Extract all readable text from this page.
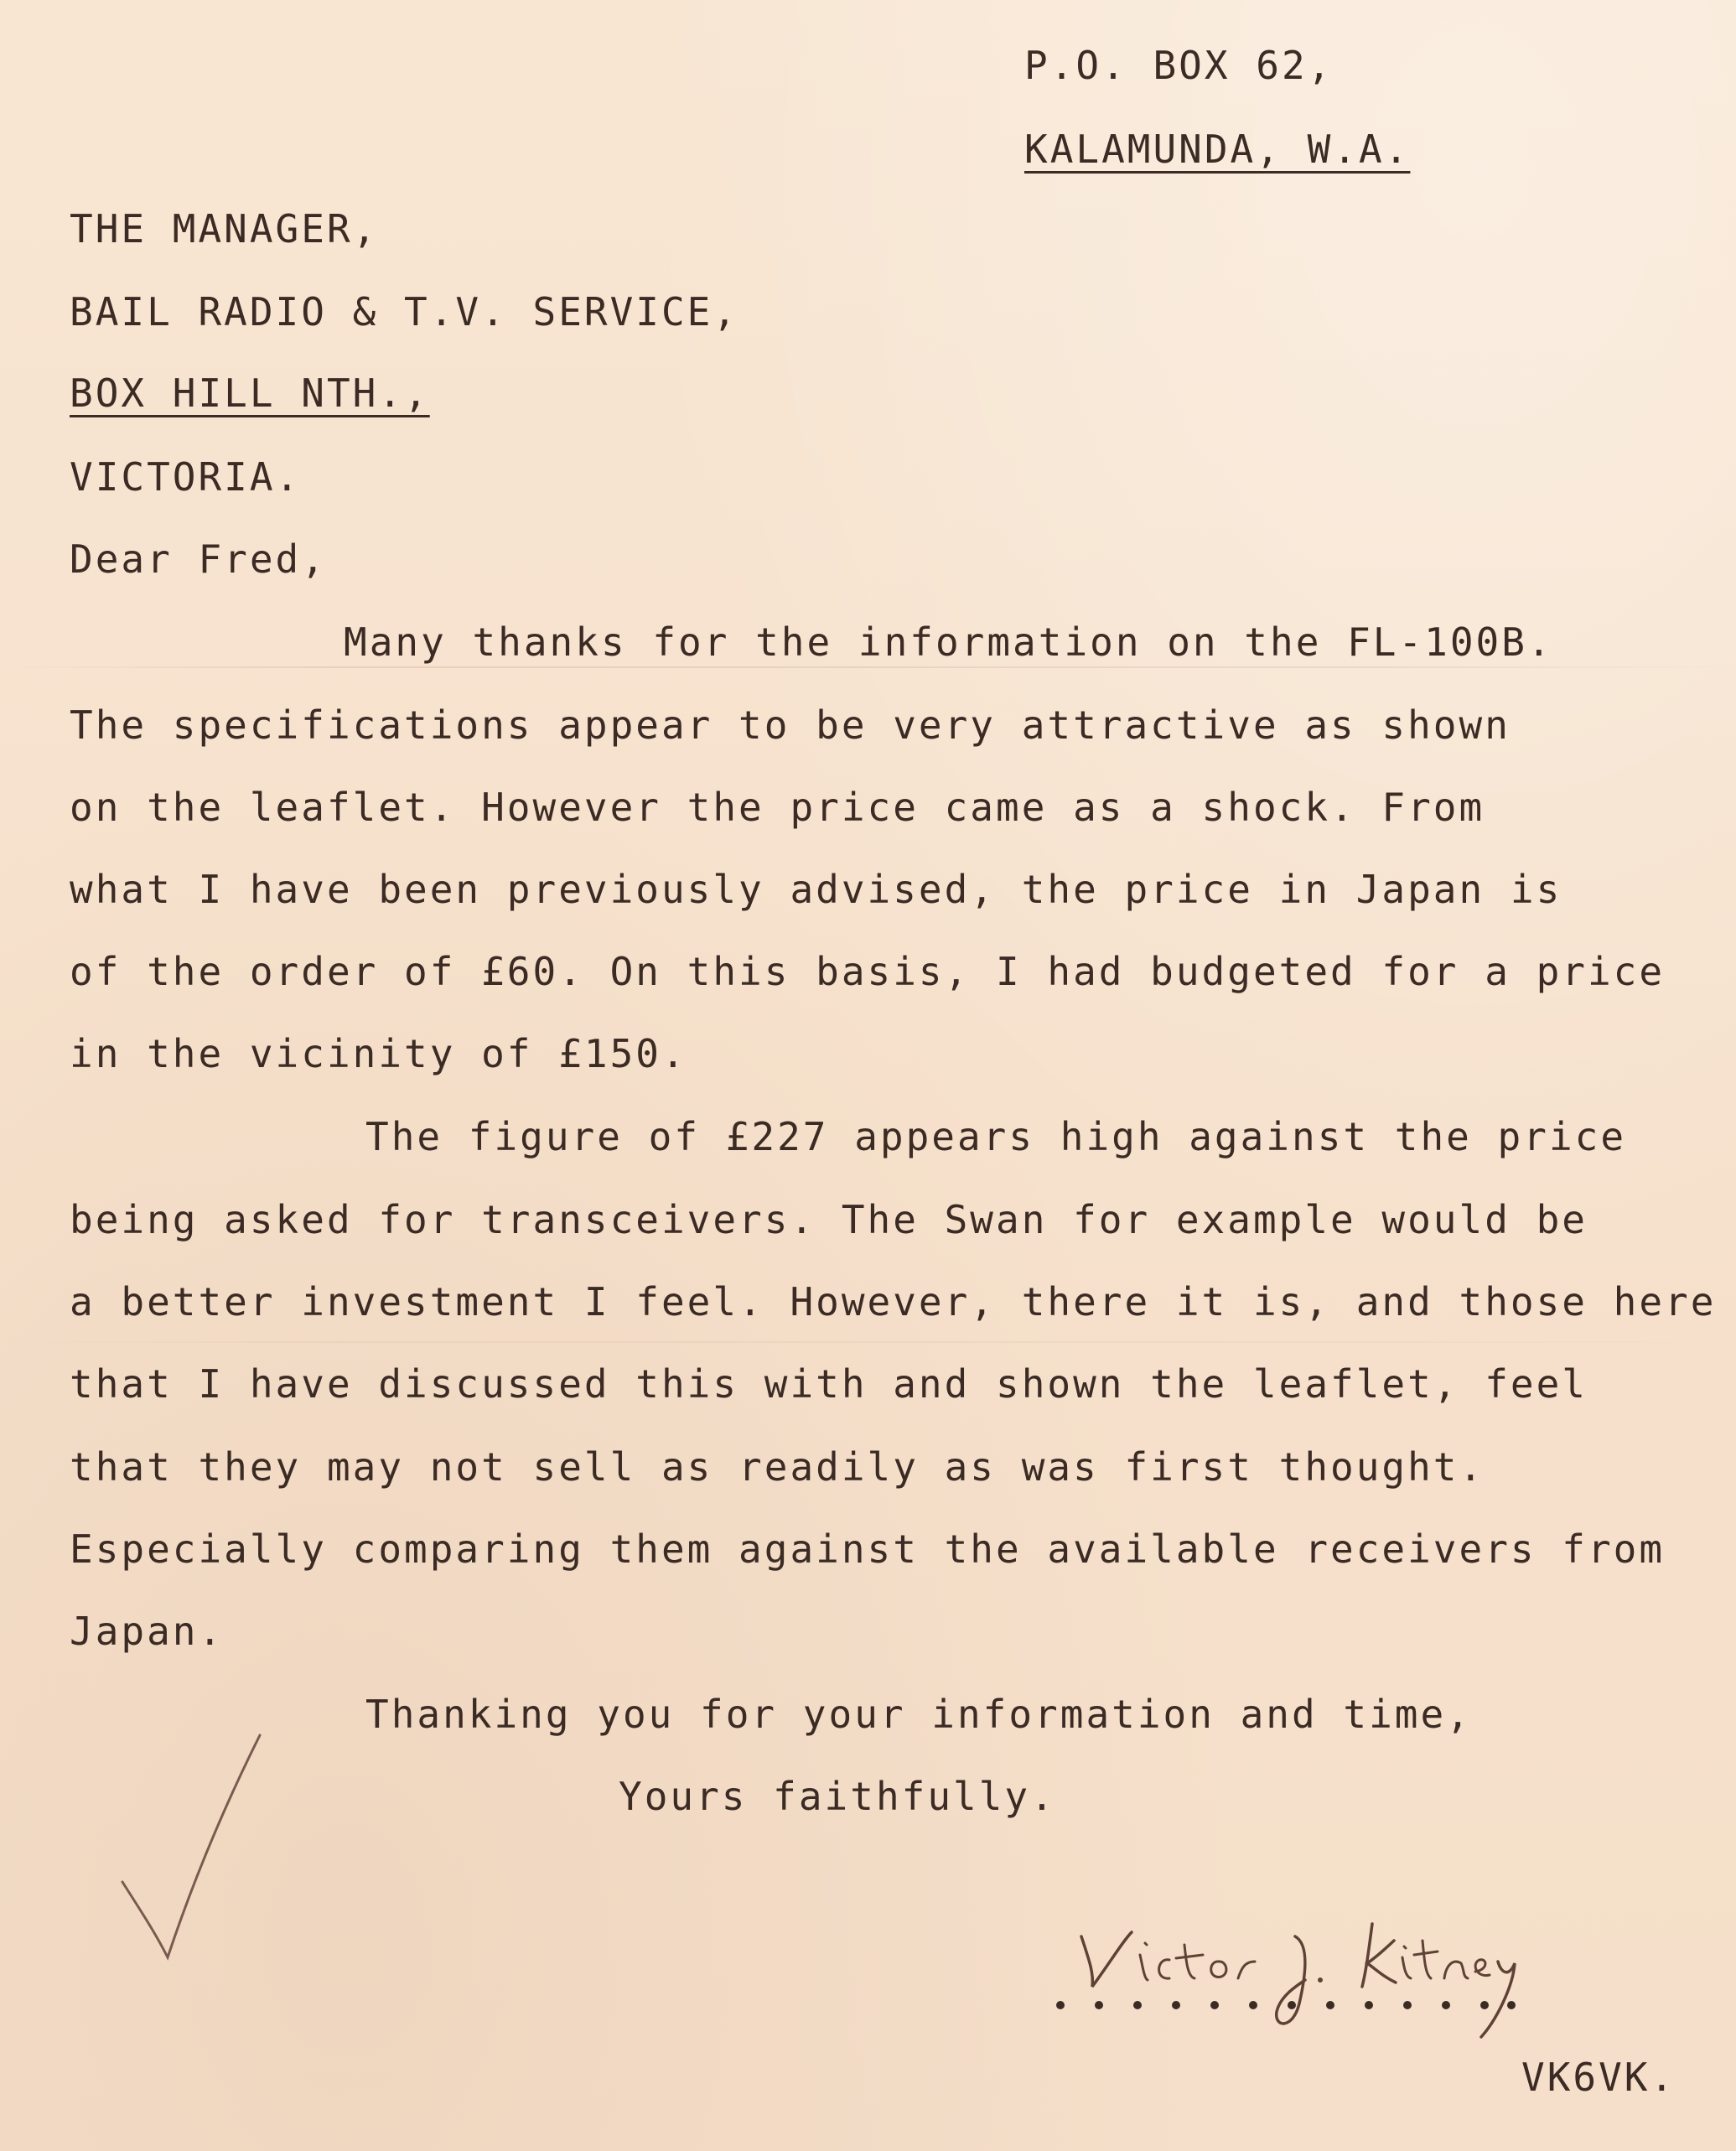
P.O. BOX 62,
KALAMUNDA, W.A.
THE MANAGER,
BAIL RADIO & T.V. SERVICE,
BOX HILL NTH.,
VICTORIA.
Dear Fred,
Many thanks for the information on the FL-100B.
The specifications appear to be very attractive as shown
on the leaflet. However the price came as a shock. From
what I have been previously advised, the price in Japan is
of the order of £60. On this basis, I had budgeted for a price
in the vicinity of £150.
The figure of £227 appears high against the price
being asked for transceivers. The Swan for example would be
a better investment I feel. However, there it is, and those here
that I have discussed this with and shown the leaflet, feel
that they may not sell as readily as was first thought.
Especially comparing them against the available receivers from
Japan.
Thanking you for your information and time,
Yours faithfully.
VK6VK.
